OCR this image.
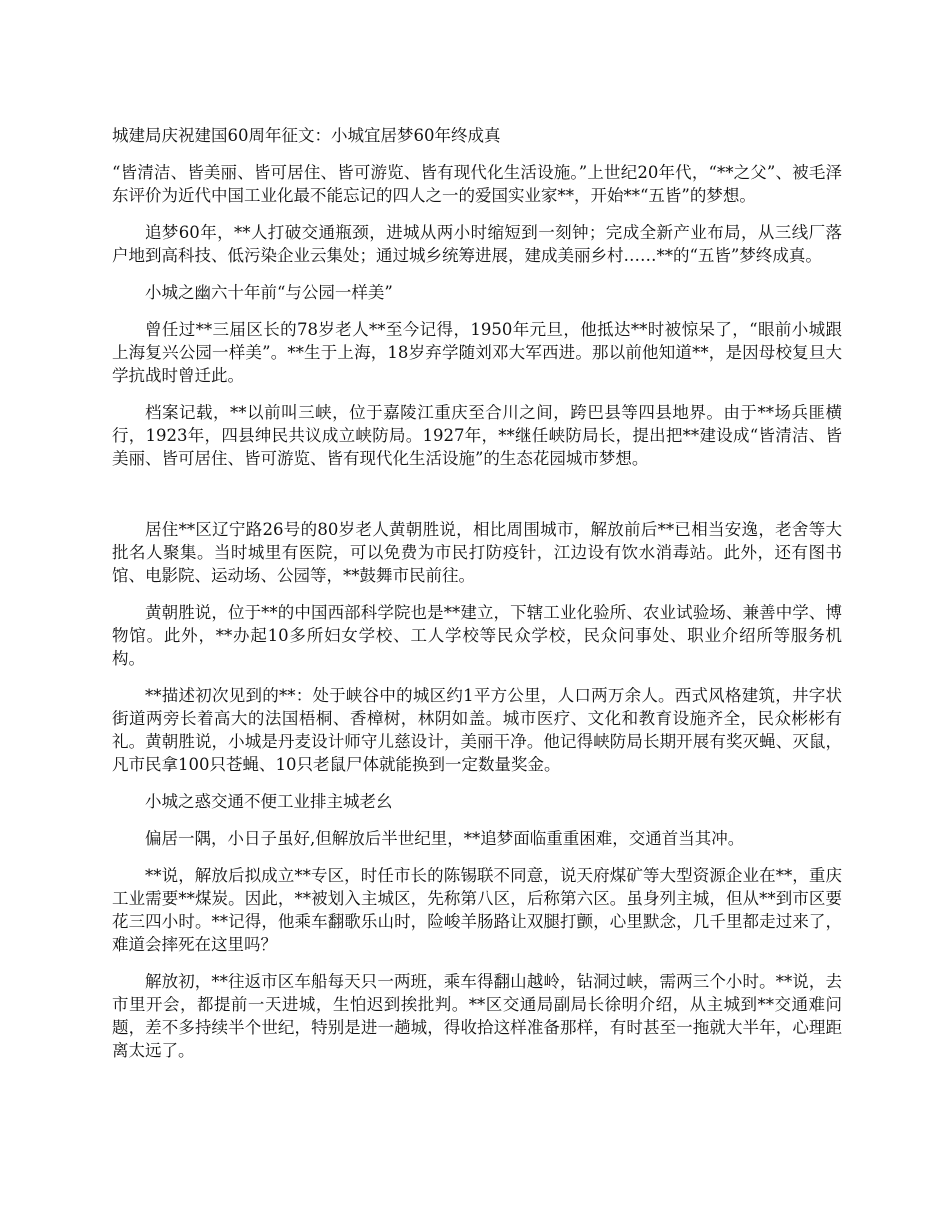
城建局庆祝建国60周年征文：小城宜居梦60年终成真

“皆清洁、皆美丽、皆可居住、皆可游览、皆有现代化生活设施。”上世纪20年代，“**之父”、被毛泽东评价为近代中国工业化最不能忘记的四人之一的爱国实业家**，开始**“五皆”的梦想。

追梦60年，**人打破交通瓶颈，进城从两小时缩短到一刻钟；完成全新产业布局，从三线厂落户地到高科技、低污染企业云集处；通过城乡统筹进展，建成美丽乡村……**的“五皆”梦终成真。

小城之幽六十年前“与公园一样美”

曾任过**三届区长的78岁老人**至今记得，1950年元旦，他抵达**时被惊呆了，“眼前小城跟上海复兴公园一样美”。**生于上海，18岁弃学随刘邓大军西进。那以前他知道**，是因母校复旦大学抗战时曾迁此。

档案记载，**以前叫三峡，位于嘉陵江重庆至合川之间，跨巴县等四县地界。由于**场兵匪横行，1923年，四县绅民共议成立峡防局。1927年，**继任峡防局长，提出把**建设成“皆清洁、皆美丽、皆可居住、皆可游览、皆有现代化生活设施”的生态花园城市梦想。

居住**区辽宁路26号的80岁老人黄朝胜说，相比周围城市，解放前后**已相当安逸，老舍等大批名人聚集。当时城里有医院，可以免费为市民打防疫针，江边设有饮水消毒站。此外，还有图书馆、电影院、运动场、公园等，**鼓舞市民前往。

黄朝胜说，位于**的中国西部科学院也是**建立，下辖工业化验所、农业试验场、兼善中学、博物馆。此外，**办起10多所妇女学校、工人学校等民众学校，民众问事处、职业介绍所等服务机构。

**描述初次见到的**：处于峡谷中的城区约1平方公里，人口两万余人。西式风格建筑，井字状街道两旁长着高大的法国梧桐、香樟树，林阴如盖。城市医疗、文化和教育设施齐全，民众彬彬有礼。黄朝胜说，小城是丹麦设计师守儿慈设计，美丽干净。他记得峡防局长期开展有奖灭蝇、灭鼠，凡市民拿100只苍蝇、10只老鼠尸体就能换到一定数量奖金。

小城之惑交通不便工业排主城老幺

偏居一隅，小日子虽好,但解放后半世纪里，**追梦面临重重困难，交通首当其冲。

**说，解放后拟成立**专区，时任市长的陈锡联不同意，说天府煤矿等大型资源企业在**，重庆工业需要**煤炭。因此，**被划入主城区，先称第八区，后称第六区。虽身列主城，但从**到市区要花三四小时。**记得，他乘车翻歌乐山时，险峻羊肠路让双腿打颤，心里默念，几千里都走过来了，难道会摔死在这里吗？

解放初，**往返市区车船每天只一两班，乘车得翻山越岭，钻洞过峡，需两三个小时。**说，去市里开会，都提前一天进城，生怕迟到挨批判。**区交通局副局长徐明介绍，从主城到**交通难问题，差不多持续半个世纪，特别是进一趟城，得收拾这样准备那样，有时甚至一拖就大半年，心理距离太远了。
